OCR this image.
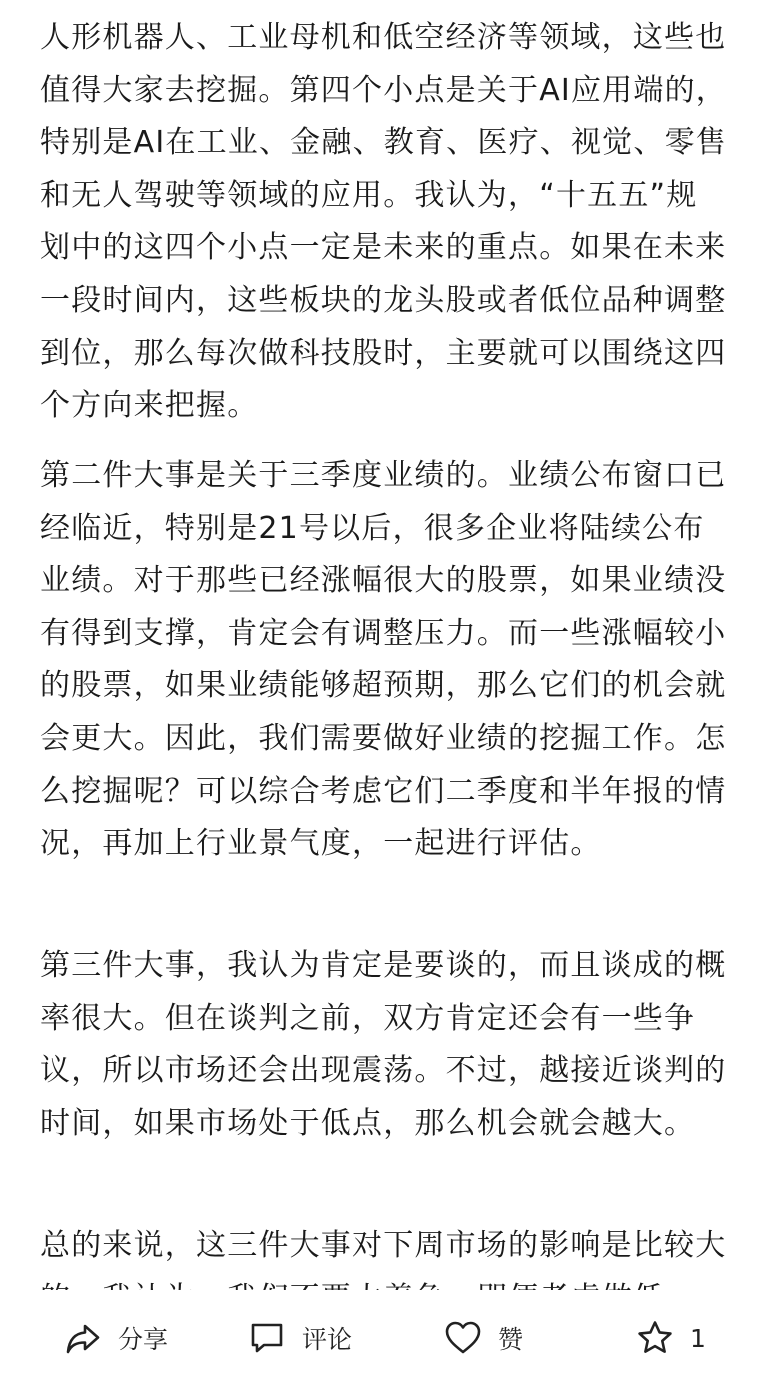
人形机器人、工业母机和低空经济等领域，这些也值得大家去挖掘。第四个小点是关于AI应用端的，特别是AI在工业、金融、教育、医疗、视觉、零售和无人驾驶等领域的应用。我认为，“十五五”规划中的这四个小点一定是未来的重点。如果在未来一段时间内，这些板块的龙头股或者低位品种调整到位，那么每次做科技股时，主要就可以围绕这四个方向来把握。

第二件大事是关于三季度业绩的。业绩公布窗口已经临近，特别是21号以后，很多企业将陆续公布业绩。对于那些已经涨幅很大的股票，如果业绩没有得到支撑，肯定会有调整压力。而一些涨幅较小的股票，如果业绩能够超预期，那么它们的机会就会更大。因此，我们需要做好业绩的挖掘工作。怎么挖掘呢？可以综合考虑它们二季度和半年报的情况，再加上行业景气度，一起进行评估。

第三件大事，我认为肯定是要谈的，而且谈成的概率很大。但在谈判之前，双方肯定还会有一些争议，所以市场还会出现震荡。不过，越接近谈判的时间，如果市场处于低点，那么机会就会越大。

总的来说，这三件大事对下周市场的影响是比较大

分享	评论	赞	1
